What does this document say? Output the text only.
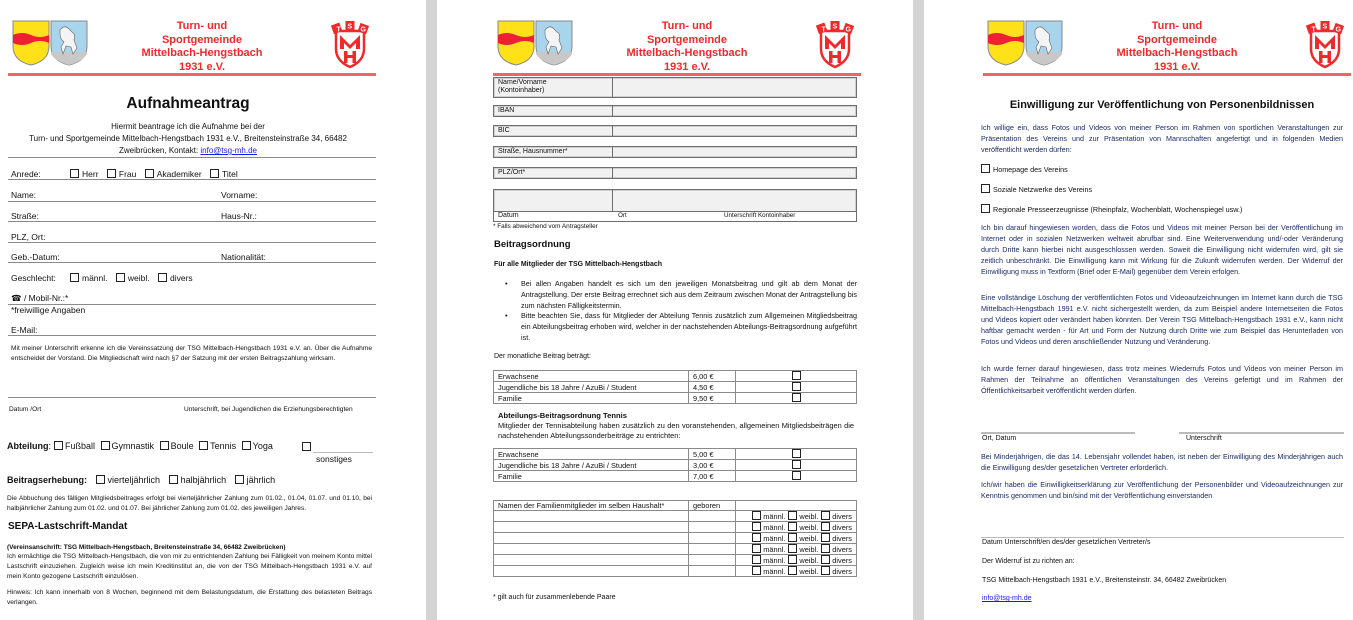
Turn- und
Sportgemeinde
Mittelbach-Hengstbach
1931 e.V.
T S G
Aufnahmeantrag
Hiermit beantrage ich die Aufnahme bei der
Turn- und Sportgemeinde Mittelbach-Hengstbach 1931 e.V., Breitensteinstraße 34, 66482
Zweibrücken, Kontakt: info@tsg-mh.de
Anrede:	Herr Frau Akademiker Titel
Name:	Vorname:
Straße:	Haus-Nr.:
PLZ, Ort:
Geb.-Datum:	Nationalität:
Geschlecht:	männl. weibl. divers
☎ / Mobil-Nr.:*
*freiwillige Angaben
E-Mail:
Mit meiner Unterschrift erkenne ich die Vereinssatzung der TSG Mittelbach-Hengstbach 1931 e.V. an. Über die Aufnahme entscheidet der Vorstand. Die Mitgliedschaft wird nach §7 der Satzung mit der ersten Beitragszahlung wirksam.
Datum /Ort	Unterschrift, bei Jugendlichen die Erziehungsberechtigten
Abteilung: Fußball Gymnastik Boule Tennis Yoga
sonstiges
Beitragserhebung: vierteljährlich halbjährlich jährlich
Die Abbuchung des fälligen Mitgliedsbeitrages erfolgt bei vierteljährlicher Zahlung zum 01.02., 01.04, 01.07. und 01.10, bei halbjährlicher Zahlung zum 01.02. und 01.07. Bei jährlicher Zahlung zum 01.02. des jeweiligen Jahres.
SEPA-Lastschrift-Mandat
(Vereinsanschrift: TSG Mittelbach-Hengstbach, Breitensteinstraße 34, 66482 Zweibrücken)
Ich ermächtige die TSG Mittelbach-Hengstbach, die von mir zu entrichtenden Zahlung bei Fälligkeit von meinem Konto mittel Lastschrift einzuziehen. Zugleich weise ich mein Kreditinstitut an, die von der TSG Mittelbach-Hengstbach 1931 e.V. auf mein Konto gezogene Lastschrift einzulösen.
Hinweis: Ich kann innerhalb von 8 Wochen, beginnend mit dem Belastungsdatum, die Erstattung des belasteten Beitrags verlangen.
Turn- und
Sportgemeinde
Mittelbach-Hengstbach
1931 e.V.
T S G
Name/Vorname
(Kontoinhaber)
IBAN
BIC
Straße, Hausnummer*
PLZ/Ort*
Datum	Ort	Unterschrift Kontoinhaber
* Falls abweichend vom Antragsteller
Beitragsordnung
Für alle Mitglieder der TSG Mittelbach-Hengstbach
• Bei allen Angaben handelt es sich um den jeweiligen Monatsbeitrag und gilt ab dem Monat der Antragstellung. Der erste Beitrag errechnet sich aus dem Zeitraum zwischen Monat der Antragstellung bis zum nächsten Fälligkeitstermin.
• Bitte beachten Sie, dass für Mitglieder der Abteilung Tennis zusätzlich zum Allgemeinen Mitgliedsbeitrag ein Abteilungsbeitrag erhoben wird, welcher in der nachstehenden Abteilungs-Beitragsordnung aufgeführt ist.
Der monatliche Beitrag beträgt:
Erwachsene	6,00 €	
Jugendliche bis 18 Jahre / AzuBi / Student	4,50 €	
Familie	9,50 €	
Abteilungs-Beitragsordnung Tennis
Mitglieder der Tennisabteilung haben zusätzlich zu den voranstehenden, allgemeinen Mitgliedsbeiträgen die nachstehenden Abteilungssonderbeiträge zu entrichten:
Erwachsene	5,00 €	
Jugendliche bis 18 Jahre / AzuBi / Student	3,00 €	
Familie	7,00 €	
Namen der Familienmitglieder im selben Haushalt*	geboren	
		männl. weibl. divers
		männl. weibl. divers
		männl. weibl. divers
		männl. weibl. divers
		männl. weibl. divers
		männl. weibl. divers
* gilt auch für zusammenlebende Paare
Turn- und
Sportgemeinde
Mittelbach-Hengstbach
1931 e.V.
T S G
Einwilligung zur Veröffentlichung von Personenbildnissen
Ich willige ein, dass Fotos und Videos von meiner Person im Rahmen von sportlichen Veranstaltungen zur Präsentation des Vereins und zur Präsentation von Mannschaften angefertigt und in folgenden Medien veröffentlicht werden dürfen:
Homepage des Vereins
Soziale Netzwerke des Vereins
Regionale Presseerzeugnisse (Rheinpfalz, Wochenblatt, Wochenspiegel usw.)
Ich bin darauf hingewiesen worden, dass die Fotos und Videos mit meiner Person bei der Veröffentlichung im Internet oder in sozialen Netzwerken weltweit abrufbar sind. Eine Weiterverwendung und/-oder Veränderung durch Dritte kann hierbei nicht ausgeschlossen werden. Soweit die Einwilligung nicht widerrufen wird, gilt sie zeitlich unbeschränkt. Die Einwilligung kann mit Wirkung für die Zukunft widerrufen werden. Der Widerruf der Einwilligung muss in Textform (Brief oder E-Mail) gegenüber dem Verein erfolgen.
Eine vollständige Löschung der veröffentlichten Fotos und Videoaufzeichnungen im Internet kann durch die TSG Mittelbach-Hengstbach 1991 e.V. nicht sichergestellt werden, da zum Beispiel andere Internetseiten die Fotos und Videos kopiert oder verändert haben könnten. Der Verein TSG Mittelbach-Hengstbach 1931 e.V., kann nicht haftbar gemacht werden - für Art und Form der Nutzung durch Dritte wie zum Beispiel das Herunterladen von Fotos und Videos und deren anschließender Nutzung und Veränderung.
Ich wurde ferner darauf hingewiesen, dass trotz meines Wiederrufs Fotos und Videos von meiner Person im Rahmen der Teilnahme an öffentlichen Veranstaltungen des Vereins gefertigt und im Rahmen der Öffentlichkeitsarbeit veröffentlicht werden dürfen.
Ort, Datum	Unterschrift
Bei Minderjährigen, die das 14. Lebensjahr vollendet haben, ist neben der Einwilligung des Minderjährigen auch die Einwilligung des/der gesetzlichen Vertreter erforderlich.
Ich/wir haben die Einwilligkeitserklärung zur Veröffentlichung der Personenbilder und Videoaufzeichnungen zur Kenntnis genommen und bin/sind mit der Veröffentlichung einverstanden
Datum Unterschrift/en des/der gesetzlichen Vertreter/s
Der Widerruf ist zu richten an:
TSG Mittelbach-Hengstbach 1931 e.V., Breitensteinstr. 34, 66482 Zweibrücken
info@tsg-mh.de
